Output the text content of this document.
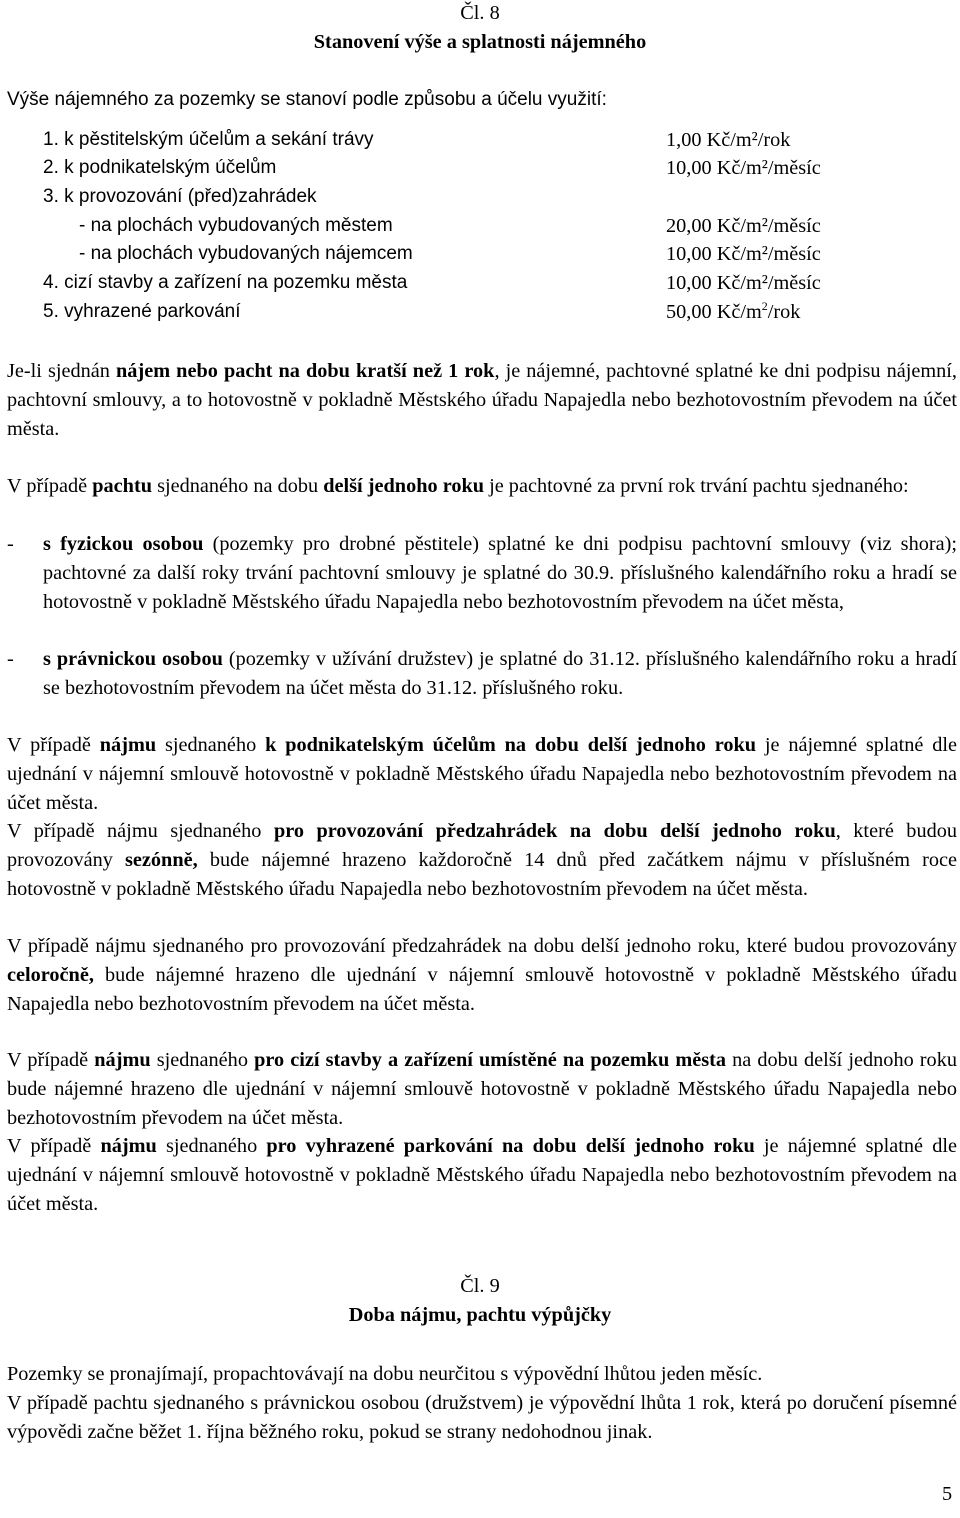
Čl. 8
Stanovení výše a splatnosti nájemného
Výše nájemného za pozemky se stanoví podle způsobu a účelu využití:
1. k pěstitelským účelům a sekání trávy	1,00 Kč/m²/rok
2. k podnikatelským účelům	10,00 Kč/m²/měsíc
3. k provozování (před)zahrádek
- na plochách vybudovaných městem	20,00 Kč/m²/měsíc
- na plochách vybudovaných nájemcem	10,00 Kč/m²/měsíc
4. cizí stavby a zařízení na pozemku města	10,00 Kč/m²/měsíc
5. vyhrazené parkování	50,00 $Kč/m^2$/rok
Je-li sjednán nájem nebo pacht na dobu kratší než 1 rok, je nájemné, pachtovné splatné ke dni podpisu nájemní, pachtovní smlouvy, a to hotovostně v pokladně Městského úřadu Napajedla nebo bezhotovostním převodem na účet města.
V případě pachtu sjednaného na dobu delší jednoho roku je pachtovné za první rok trvání pachtu sjednaného:
- s fyzickou osobou (pozemky pro drobné pěstitele) splatné ke dni podpisu pachtovní smlouvy (viz shora); pachtovné za další roky trvání pachtovní smlouvy je splatné do 30.9. příslušného kalendářního roku a hradí se hotovostně v pokladně Městského úřadu Napajedla nebo bezhotovostním převodem na účet města,
- s právnickou osobou (pozemky v užívání družstev) je splatné do 31.12. příslušného kalendářního roku a hradí se bezhotovostním převodem na účet města do 31.12. příslušného roku.
V případě nájmu sjednaného k podnikatelským účelům na dobu delší jednoho roku je nájemné splatné dle ujednání v nájemní smlouvě hotovostně v pokladně Městského úřadu Napajedla nebo bezhotovostním převodem na účet města.
V případě nájmu sjednaného pro provozování předzahrádek na dobu delší jednoho roku, které budou provozovány sezónně, bude nájemné hrazeno každoročně 14 dnů před začátkem nájmu v příslušném roce hotovostně v pokladně Městského úřadu Napajedla nebo bezhotovostním převodem na účet města.
V případě nájmu sjednaného pro provozování předzahrádek na dobu delší jednoho roku, které budou provozovány celoročně, bude nájemné hrazeno dle ujednání v nájemní smlouvě hotovostně v pokladně Městského úřadu Napajedla nebo bezhotovostním převodem na účet města.
V případě nájmu sjednaného pro cizí stavby a zařízení umístěné na pozemku města na dobu delší jednoho roku bude nájemné hrazeno dle ujednání v nájemní smlouvě hotovostně v pokladně Městského úřadu Napajedla nebo bezhotovostním převodem na účet města.
V případě nájmu sjednaného pro vyhrazené parkování na dobu delší jednoho roku je nájemné splatné dle ujednání v nájemní smlouvě hotovostně v pokladně Městského úřadu Napajedla nebo bezhotovostním převodem na účet města.
Čl. 9
Doba nájmu, pachtu výpůjčky
Pozemky se pronajímají, propachtovávají na dobu neurčitou s výpovědní lhůtou jeden měsíc.
V případě pachtu sjednaného s právnickou osobou (družstvem) je výpovědní lhůta 1 rok, která po doručení písemné výpovědi začne běžet 1. října běžného roku, pokud se strany nedohodnou jinak.
5
